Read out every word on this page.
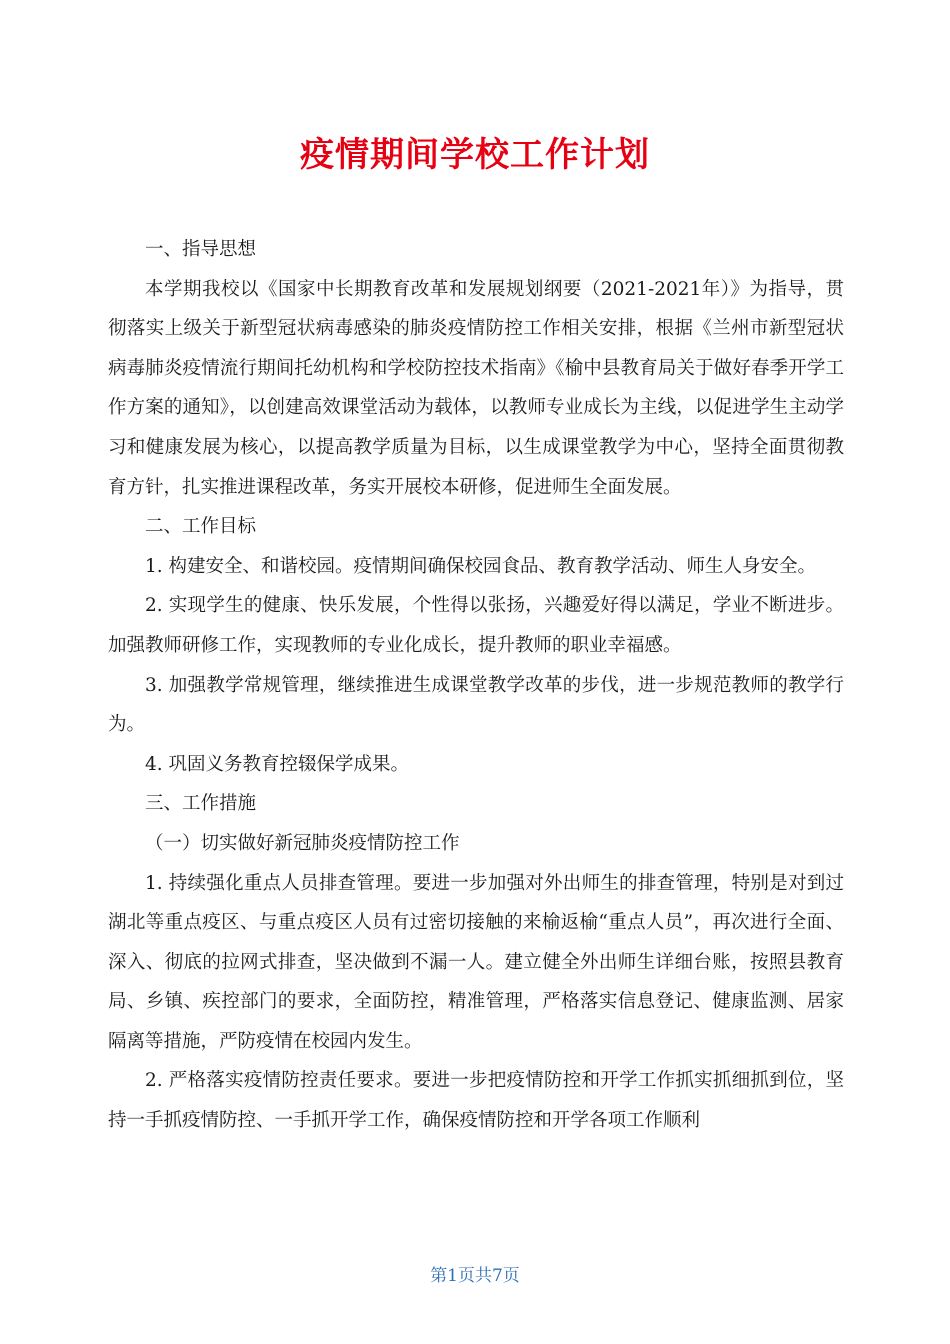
疫情期间学校工作计划

一、指导思想

本学期我校以《国家中长期教育改革和发展规划纲要（2021-2021年）》为指导，贯彻落实上级关于新型冠状病毒感染的肺炎疫情防控工作相关安排，根据《兰州市新型冠状病毒肺炎疫情流行期间托幼机构和学校防控技术指南》《榆中县教育局关于做好春季开学工作方案的通知》，以创建高效课堂活动为载体，以教师专业成长为主线，以促进学生主动学习和健康发展为核心，以提高教学质量为目标，以生成课堂教学为中心，坚持全面贯彻教育方针，扎实推进课程改革，务实开展校本研修，促进师生全面发展。

二、工作目标

1. 构建安全、和谐校园。疫情期间确保校园食品、教育教学活动、师生人身安全。

2. 实现学生的健康、快乐发展，个性得以张扬，兴趣爱好得以满足，学业不断进步。加强教师研修工作，实现教师的专业化成长，提升教师的职业幸福感。

3. 加强教学常规管理，继续推进生成课堂教学改革的步伐，进一步规范教师的教学行为。

4. 巩固义务教育控辍保学成果。

三、工作措施

（一）切实做好新冠肺炎疫情防控工作

1. 持续强化重点人员排查管理。要进一步加强对外出师生的排查管理，特别是对到过湖北等重点疫区、与重点疫区人员有过密切接触的来榆返榆“重点人员”，再次进行全面、深入、彻底的拉网式排查，坚决做到不漏一人。建立健全外出师生详细台账，按照县教育局、乡镇、疾控部门的要求，全面防控，精准管理，严格落实信息登记、健康监测、居家隔离等措施，严防疫情在校园内发生。

2. 严格落实疫情防控责任要求。要进一步把疫情防控和开学工作抓实抓细抓到位，坚持一手抓疫情防控、一手抓开学工作，确保疫情防控和开学各项工作顺利

第1页共7页
